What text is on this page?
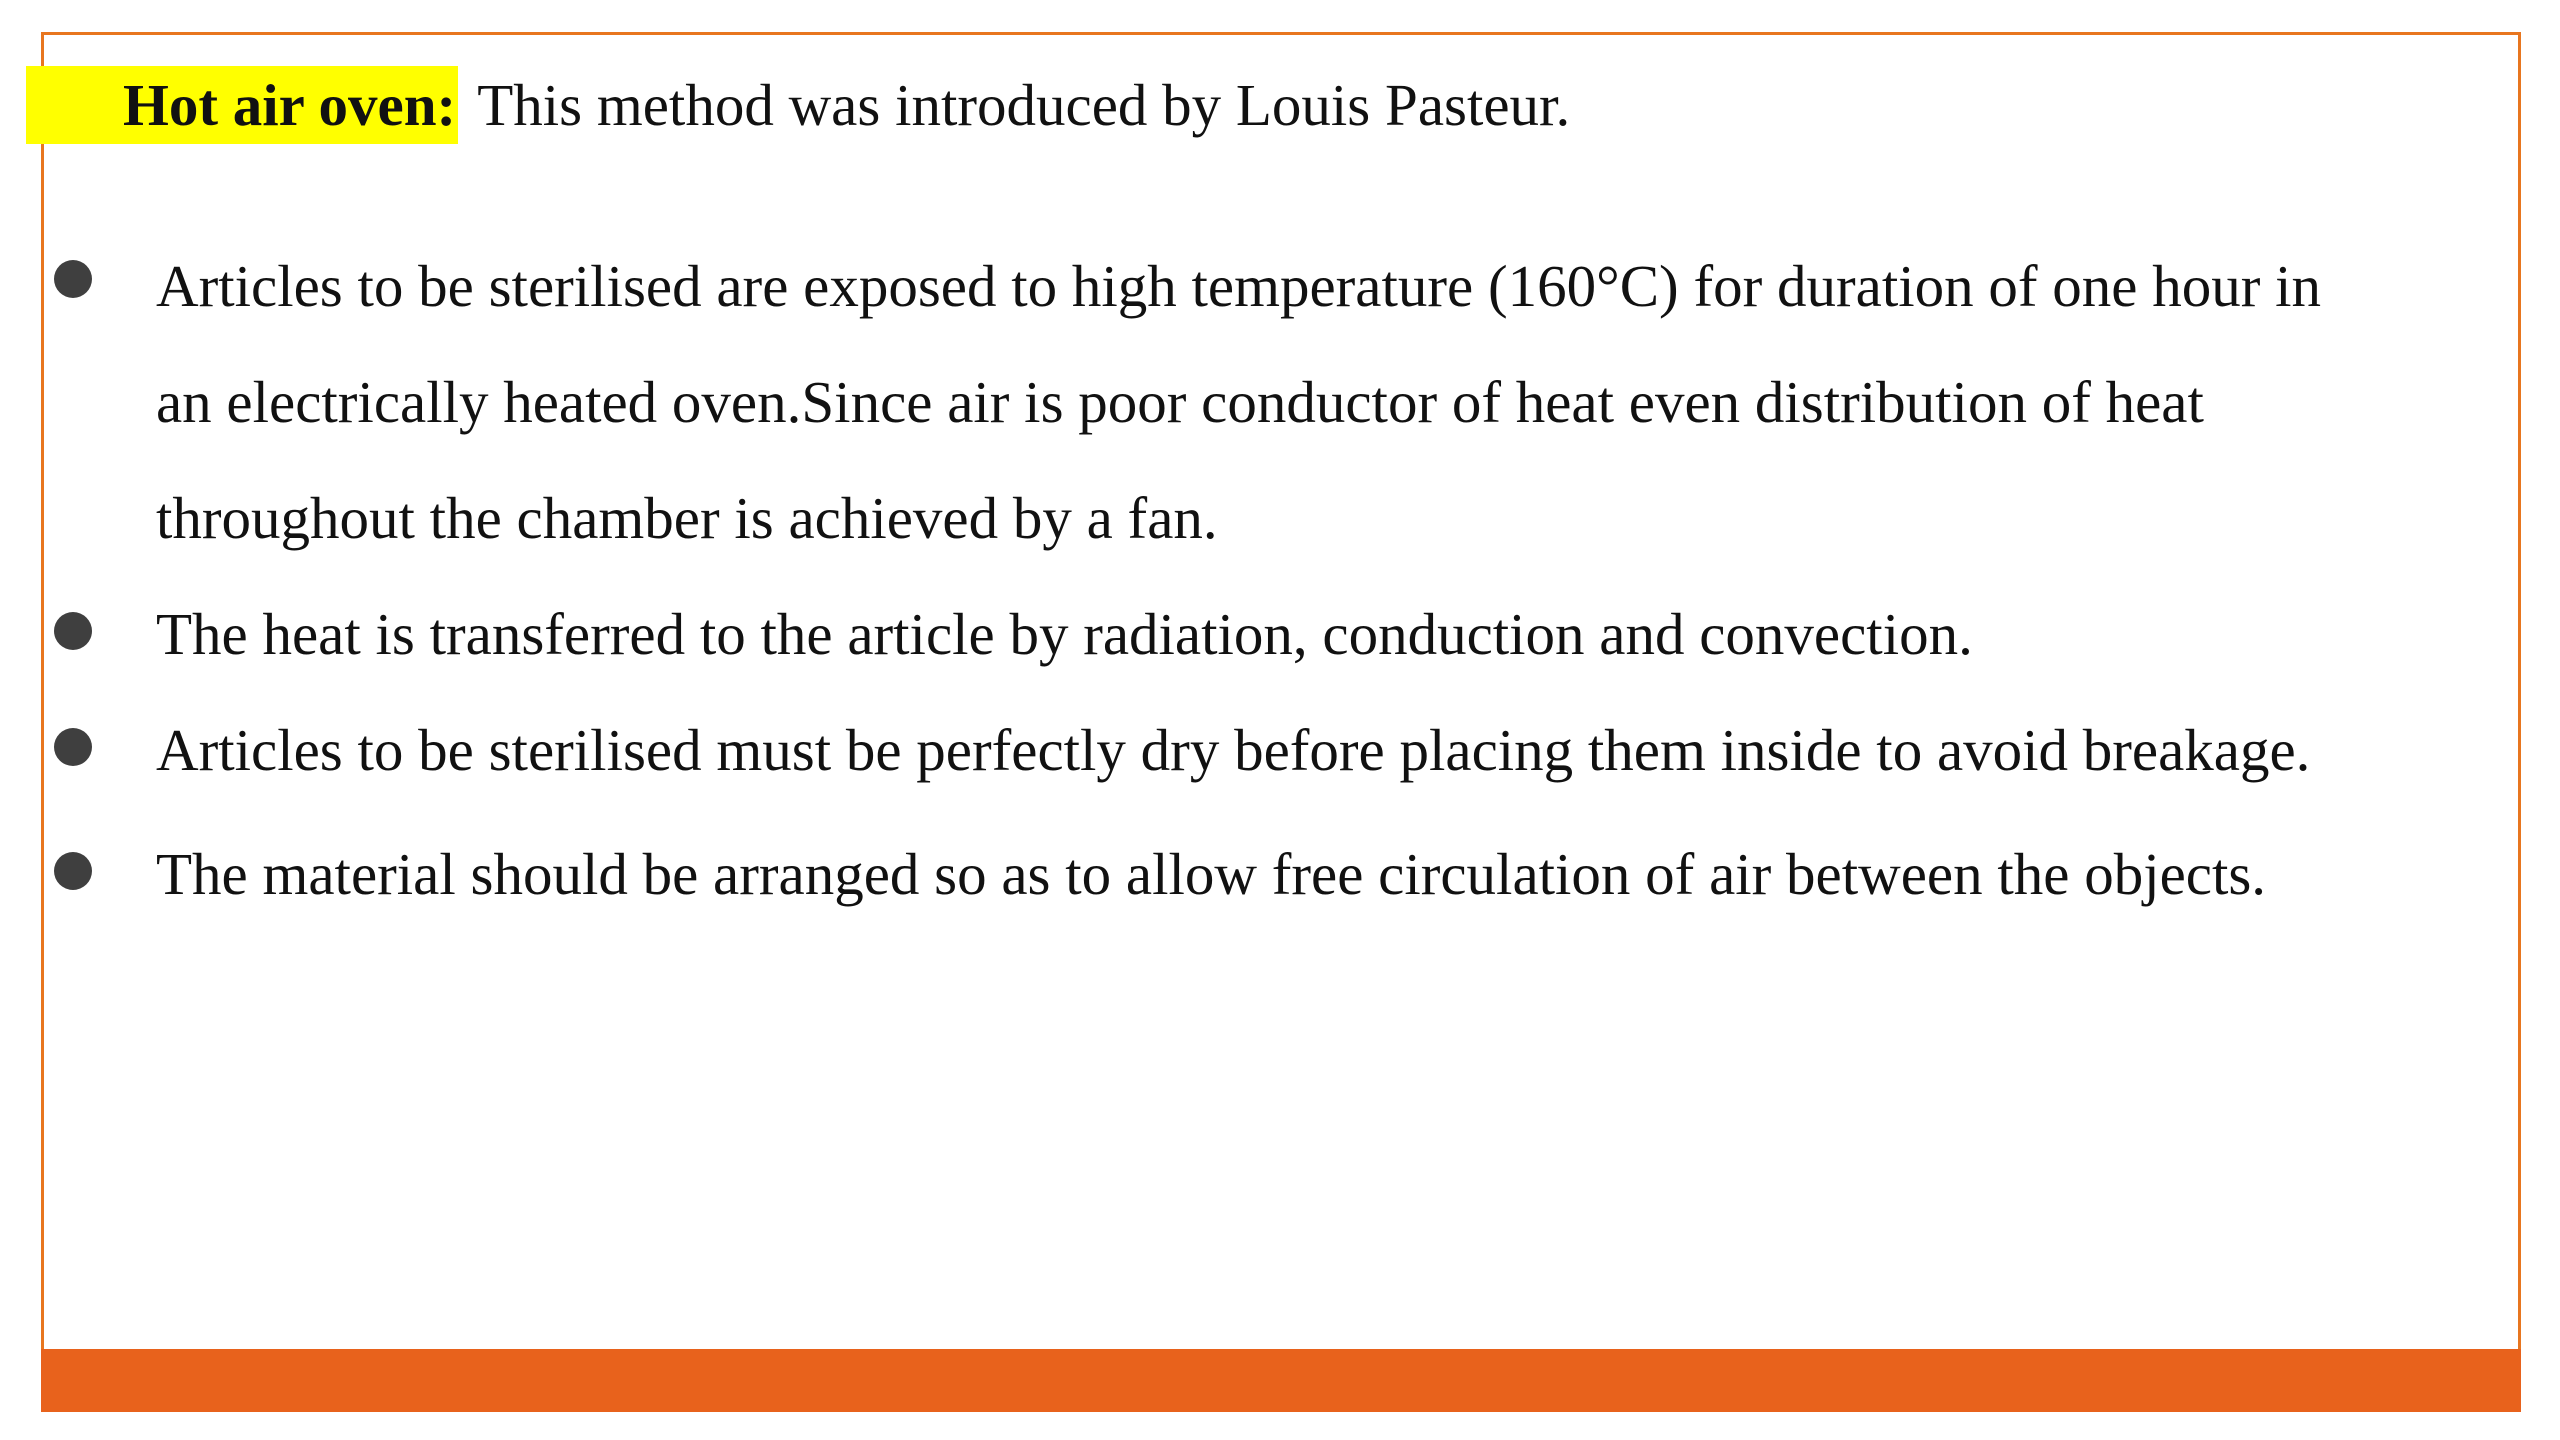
Hot air oven: This method was introduced by Louis Pasteur.
Articles to be sterilised are exposed to high temperature (160°C) for duration of one hour in
an electrically heated oven.Since air is poor conductor of heat even distribution of heat
throughout the chamber is achieved by a fan.
The heat is transferred to the article by radiation, conduction and convection.
Articles to be sterilised must be perfectly dry before placing them inside to avoid breakage.
The material should be arranged so as to allow free circulation of air between the objects.
